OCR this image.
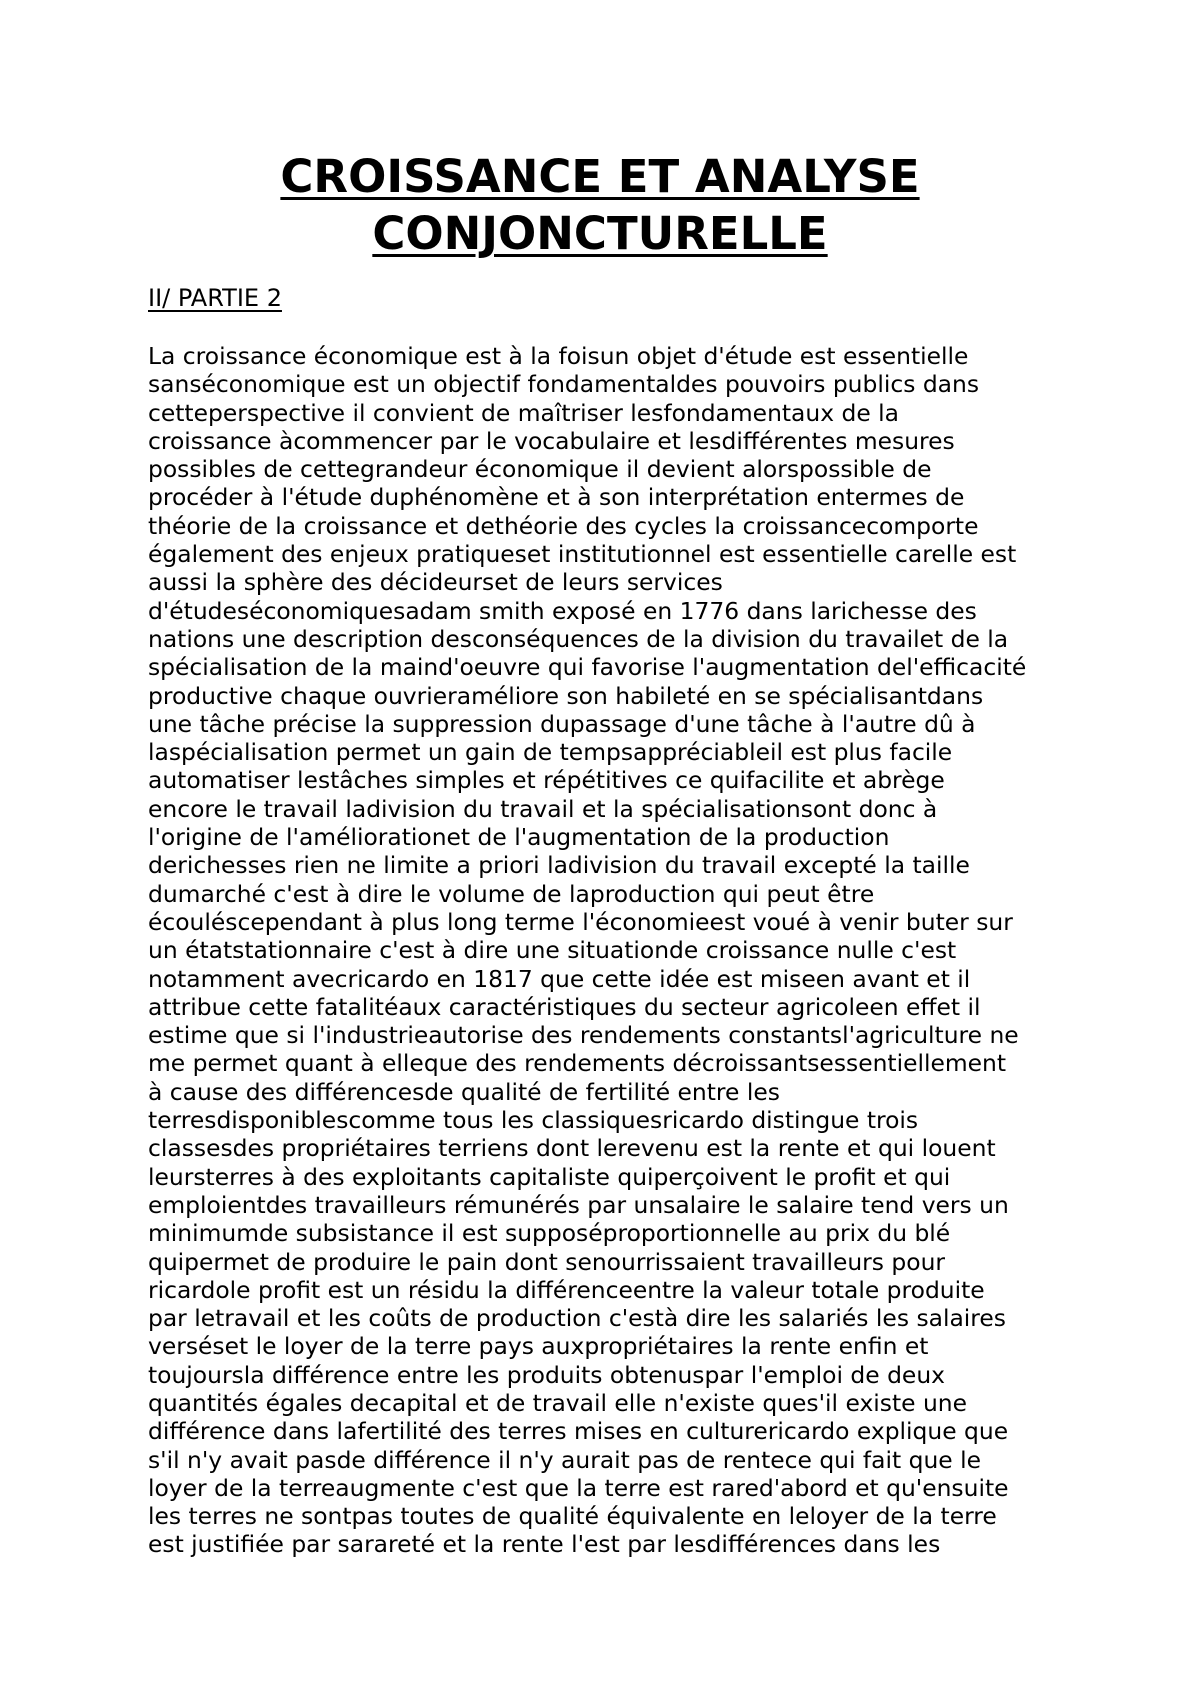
CROISSANCE ET ANALYSE
CONJONCTURELLE
II/ PARTIE 2
La croissance économique est à la foisun objet d'étude est essentielle
sanséconomique est un objectif fondamentaldes pouvoirs publics dans
cetteperspective il convient de maîtriser lesfondamentaux de la
croissance àcommencer par le vocabulaire et lesdifférentes mesures
possibles de cettegrandeur économique il devient alorspossible de
procéder à l'étude duphénomène et à son interprétation entermes de
théorie de la croissance et dethéorie des cycles la croissancecomporte
également des enjeux pratiqueset institutionnel est essentielle carelle est
aussi la sphère des décideurset de leurs services
d'étudeséconomiquesadam smith exposé en 1776 dans larichesse des
nations une description desconséquences de la division du travailet de la
spécialisation de la maind'oeuvre qui favorise l'augmentation del'efficacité
productive chaque ouvrieraméliore son habileté en se spécialisantdans
une tâche précise la suppression dupassage d'une tâche à l'autre dû à
laspécialisation permet un gain de tempsappréciableil est plus facile
automatiser lestâches simples et répétitives ce quifacilite et abrège
encore le travail ladivision du travail et la spécialisationsont donc à
l'origine de l'améliorationet de l'augmentation de la production
derichesses rien ne limite a priori ladivision du travail excepté la taille
dumarché c'est à dire le volume de laproduction qui peut être
écouléscependant à plus long terme l'économieest voué à venir buter sur
un étatstationnaire c'est à dire une situationde croissance nulle c'est
notamment avecricardo en 1817 que cette idée est miseen avant et il
attribue cette fatalitéaux caractéristiques du secteur agricoleen effet il
estime que si l'industrieautorise des rendements constantsl'agriculture ne
me permet quant à elleque des rendements décroissantsessentiellement
à cause des différencesde qualité de fertilité entre les
terresdisponiblescomme tous les classiquesricardo distingue trois
classesdes propriétaires terriens dont lerevenu est la rente et qui louent
leursterres à des exploitants capitaliste quiperçoivent le profit et qui
emploientdes travailleurs rémunérés par unsalaire le salaire tend vers un
minimumde subsistance il est supposéproportionnelle au prix du blé
quipermet de produire le pain dont senourrissaient travailleurs pour
ricardole profit est un résidu la différenceentre la valeur totale produite
par letravail et les coûts de production c'està dire les salariés les salaires
verséset le loyer de la terre pays auxpropriétaires la rente enfin et
toujoursla différence entre les produits obtenuspar l'emploi de deux
quantités égales decapital et de travail elle n'existe ques'il existe une
différence dans lafertilité des terres mises en culturericardo explique que
s'il n'y avait pasde différence il n'y aurait pas de rentece qui fait que le
loyer de la terreaugmente c'est que la terre est rared'abord et qu'ensuite
les terres ne sontpas toutes de qualité équivalente en leloyer de la terre
est justifiée par sarareté et la rente l'est par lesdifférences dans les
